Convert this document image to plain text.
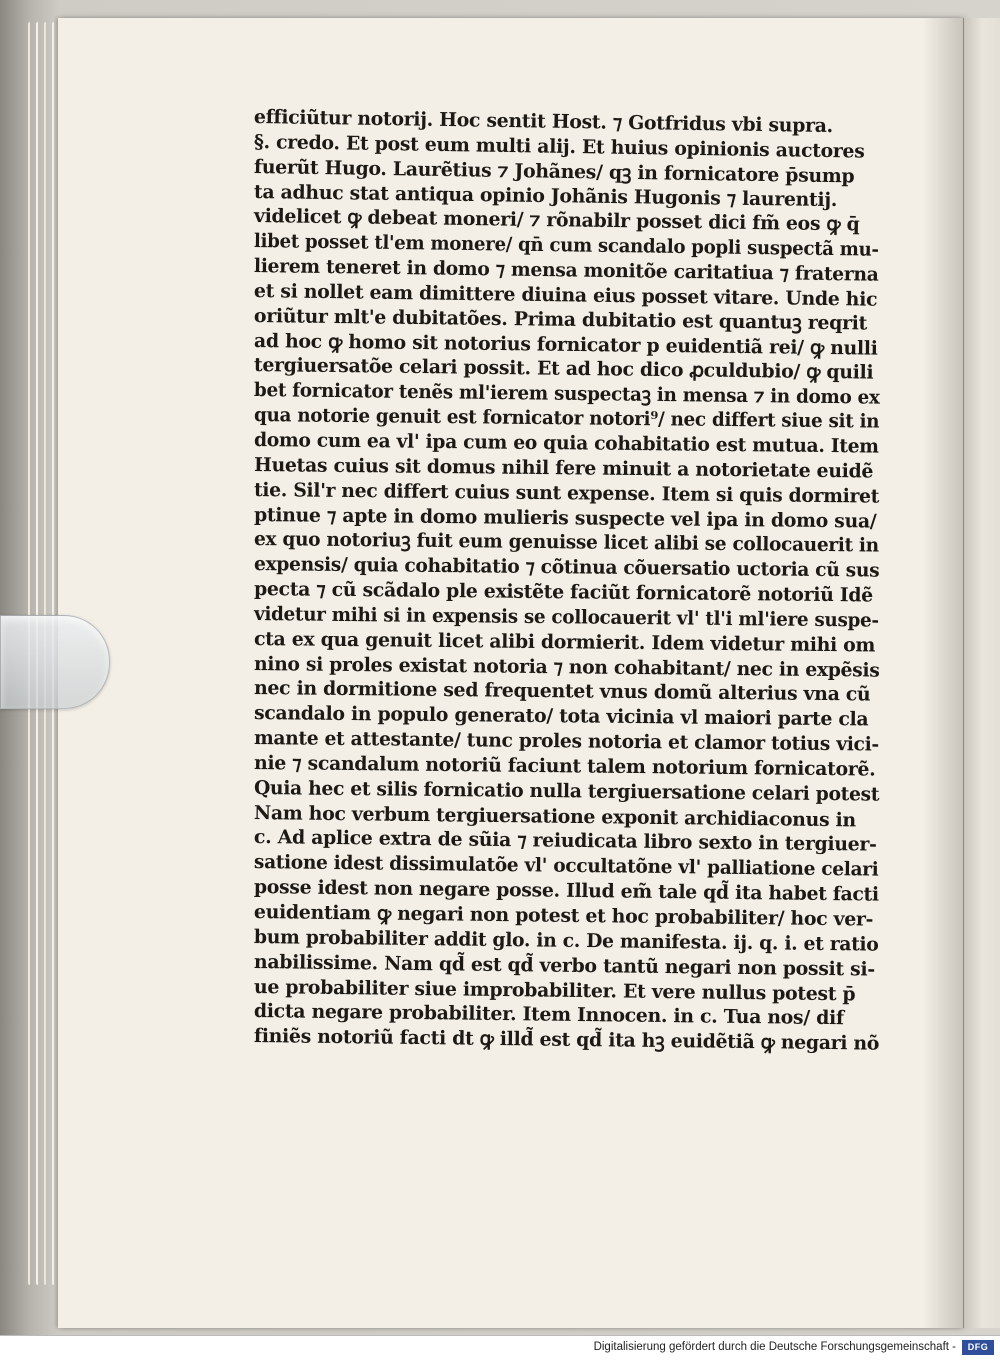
efficiũtur notorij. Hoc sentit Host. ⁊ Gotfridus vbi supra.
§. credo. Et post eum multi alij. Et huius opinionis auctores
fuerũt Hugo. Laurẽtius ⁊ Johãnes/ qꝫ in fornicatore p̄sump
ta adhuc stat antiqua opinio Johãnis Hugonis ⁊ laurentij.
videlicet ꝙ debeat moneri/ ⁊ rõnabilr posset dici fm̃ eos ꝙ q̄
libet posset tl'em monere/ qn̄ cum scandalo popli suspectã mu-
lierem teneret in domo ⁊ mensa monitõe caritatiua ⁊ fraterna
et si nollet eam dimittere diuina eius posset vitare. Unde hic
oriũtur mlt'e dubitatões. Prima dubitatio est quantuꝫ reqrit
ad hoc ꝙ homo sit notorius fornicator p euidentiã rei/ ꝙ nulli
tergiuersatõe celari possit. Et ad hoc dico ꝓculdubio/ ꝙ quili
bet fornicator tenẽs ml'ierem suspectaꝫ in mensa ⁊ in domo ex
qua notorie genuit est fornicator notori⁹/ nec differt siue sit in
domo cum ea vl' ipa cum eo quia cohabitatio est mutua. Item
Huetas cuius sit domus nihil fere minuit a notorietate euidẽ
tie. Sil'r nec differt cuius sunt expense. Item si quis dormiret
ptinue ⁊ apte in domo mulieris suspecte vel ipa in domo sua/
ex quo notoriuꝫ fuit eum genuisse licet alibi se collocauerit in
expensis/ quia cohabitatio ⁊ cõtinua cõuersatio uctoria cũ sus
pecta ⁊ cũ scãdalo ple existẽte faciũt fornicatorẽ notoriũ Idẽ
videtur mihi si in expensis se collocauerit vl' tl'i ml'iere suspe-
cta ex qua genuit licet alibi dormierit. Idem videtur mihi om
nino si proles existat notoria ⁊ non cohabitant/ nec in expẽsis
nec in dormitione sed frequentet vnus domũ alterius vna cũ
scandalo in populo generato/ tota vicinia vl maiori parte cla
mante et attestante/ tunc proles notoria et clamor totius vici-
nie ⁊ scandalum notoriũ faciunt talem notorium fornicatorẽ.
Quia hec et silis fornicatio nulla tergiuersatione celari potest
Nam hoc verbum tergiuersatione exponit archidiaconus in
c. Ad aplice extra de sũia ⁊ reiudicata libro sexto in tergiuer-
satione idest dissimulatõe vl' occultatõne vl' palliatione celari
posse idest non negare posse. Illud em̃ tale qd̃ ita habet facti
euidentiam ꝙ negari non potest et hoc probabiliter/ hoc ver-
bum probabiliter addit glo. in c. De manifesta. ij. q. i. et ratio
nabilissime. Nam qd̃ est qd̃ verbo tantũ negari non possit si-
ue probabiliter siue improbabiliter. Et vere nullus potest p̄
dicta negare probabiliter. Item Innocen. in c. Tua nos/ dif
finiẽs notoriũ facti dt ꝙ illd̃ est qd̃ ita hꝫ euidẽtiã ꝙ negari nõ
Digitalisierung gefördert durch die Deutsche Forschungsgemeinschaft -	DFG
